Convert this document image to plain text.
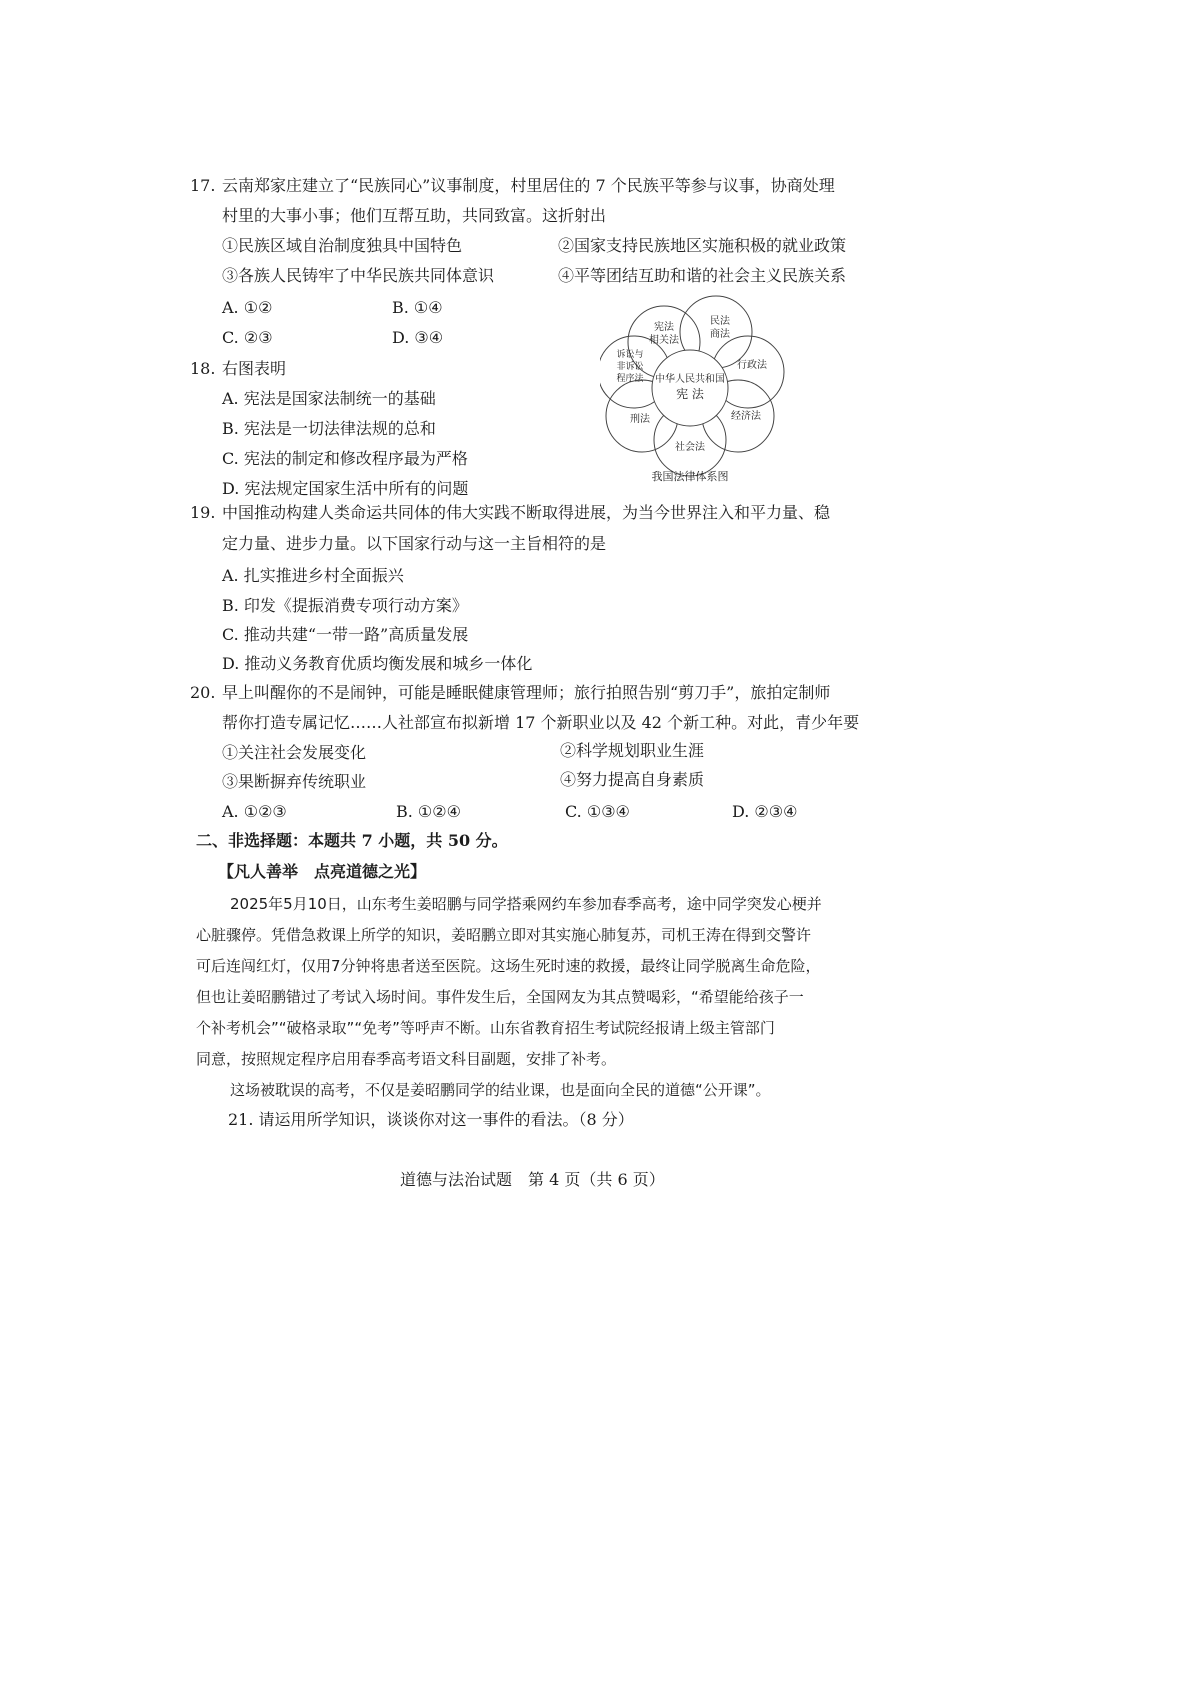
17. 云南郑家庄建立了“民族同心”议事制度，村里居住的 7 个民族平等参与议事，协商处理
村里的大事小事；他们互帮互助，共同致富。这折射出
①民族区域自治制度独具中国特色	②国家支持民族地区实施积极的就业政策
③各族人民铸牢了中华民族共同体意识	④平等团结互助和谐的社会主义民族关系
A. ①②	B. ①④
C. ②③	D. ③④
18. 右图表明
A. 宪法是国家法制统一的基础
B. 宪法是一切法律法规的总和
C. 宪法的制定和修改程序最为严格
D. 宪法规定国家生活中所有的问题
宪法
相关法
民法
商法
行政法
经济法
社会法
刑法
诉讼与
非诉讼
程序法 中华人民共和国
宪 法
我国法律体系图
19. 中国推动构建人类命运共同体的伟大实践不断取得进展，为当今世界注入和平力量、稳
定力量、进步力量。以下国家行动与这一主旨相符的是
A. 扎实推进乡村全面振兴
B. 印发《提振消费专项行动方案》
C. 推动共建“一带一路”高质量发展
D. 推动义务教育优质均衡发展和城乡一体化
20. 早上叫醒你的不是闹钟，可能是睡眠健康管理师；旅行拍照告别“剪刀手”，旅拍定制师
帮你打造专属记忆……人社部宣布拟新增 17 个新职业以及 42 个新工种。对此，青少年要
①关注社会发展变化	②科学规划职业生涯
③果断摒弃传统职业	④努力提高自身素质
A. ①②③	B. ①②④	C. ①③④	D. ②③④
二、非选择题：本题共 7 小题，共 50 分。
【凡人善举　点亮道德之光】
2025年5月10日，山东考生姜昭鹏与同学搭乘网约车参加春季高考，途中同学突发心梗并
心脏骤停。凭借急救课上所学的知识，姜昭鹏立即对其实施心肺复苏，司机王涛在得到交警许
可后连闯红灯，仅用7分钟将患者送至医院。这场生死时速的救援，最终让同学脱离生命危险，
但也让姜昭鹏错过了考试入场时间。事件发生后，全国网友为其点赞喝彩，“希望能给孩子一
个补考机会”“破格录取”“免考”等呼声不断。山东省教育招生考试院经报请上级主管部门
同意，按照规定程序启用春季高考语文科目副题，安排了补考。
这场被耽误的高考，不仅是姜昭鹏同学的结业课，也是面向全民的道德“公开课”。
21. 请运用所学知识，谈谈你对这一事件的看法。（8 分）
道德与法治试题　第 4 页（共 6 页）
